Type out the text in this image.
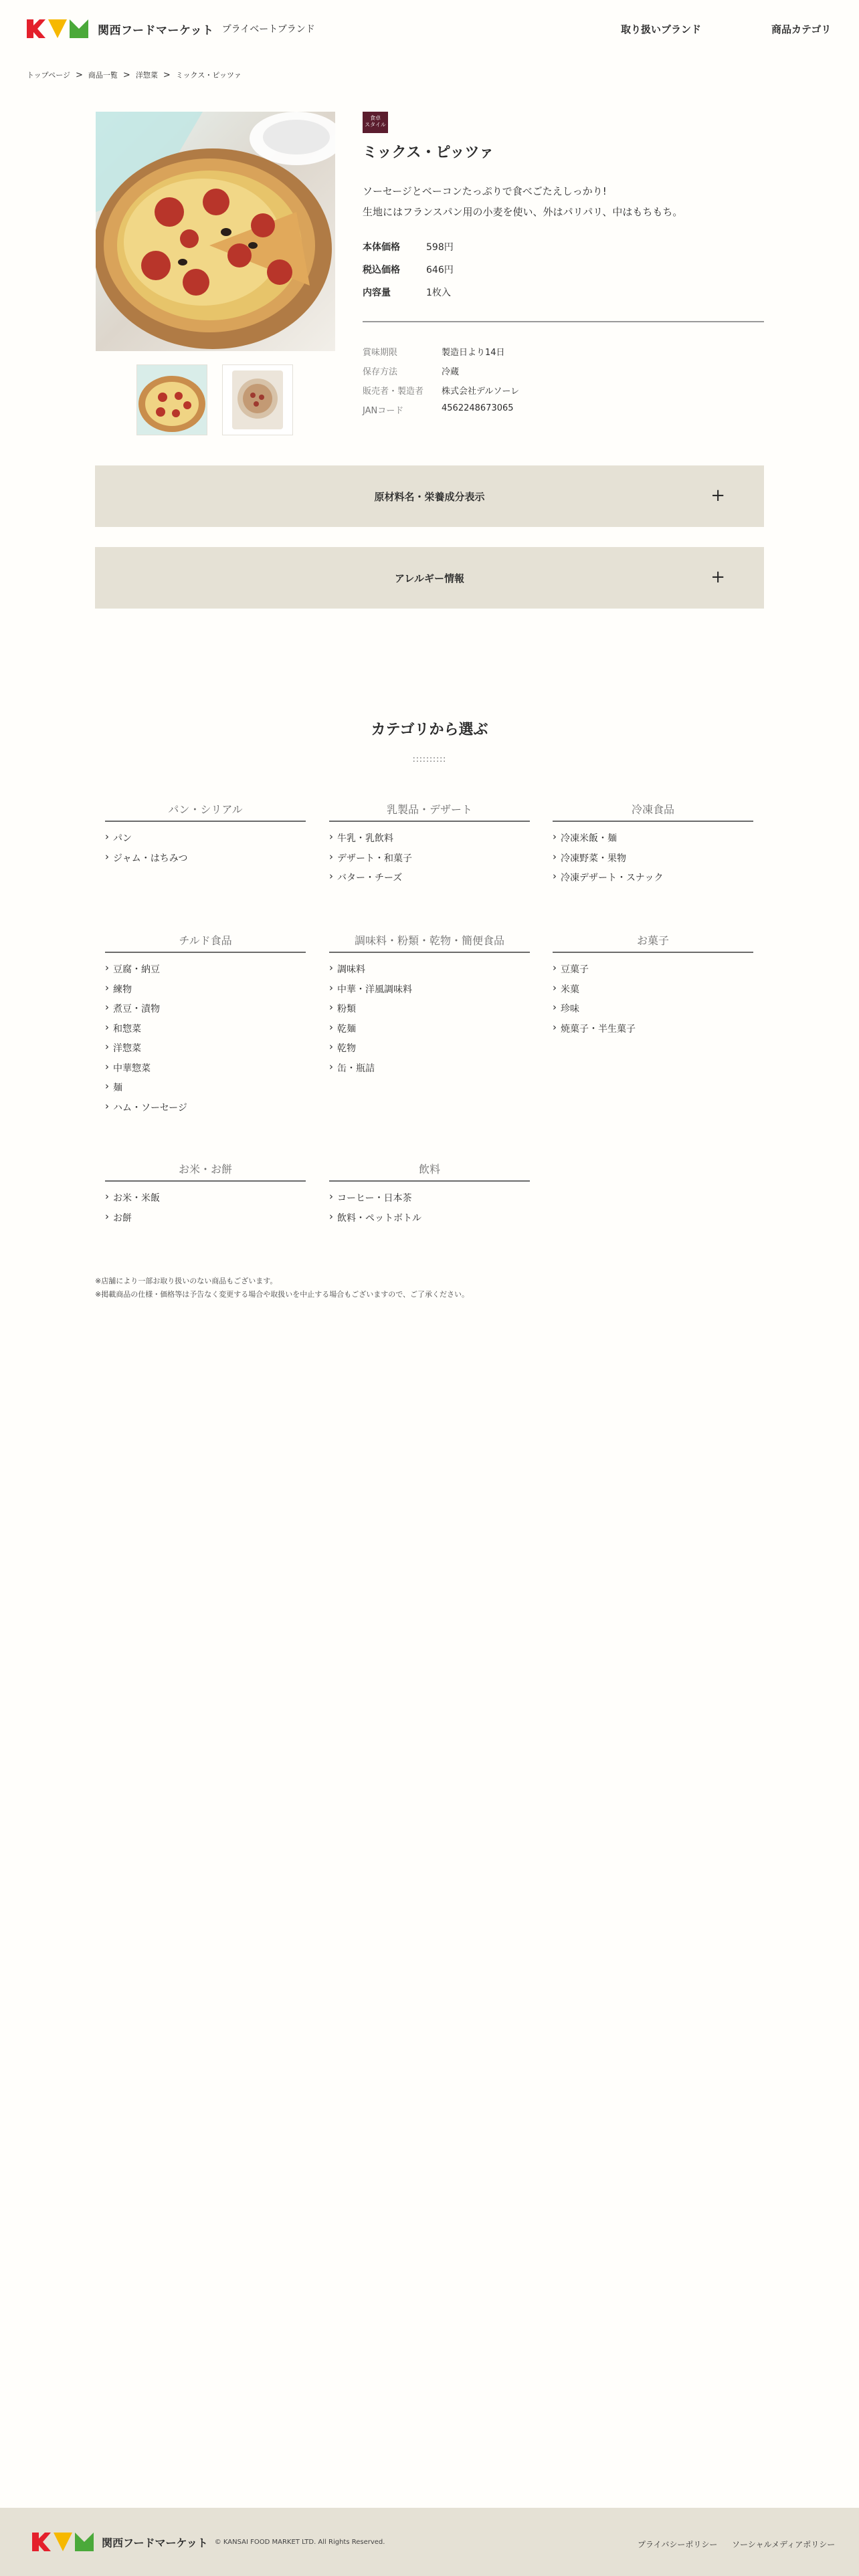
関西フードマーケット プライベートブランド	取り扱いブランド	商品カテゴリ
トップページ > 商品一覧 > 洋惣菜 > ミックス・ピッツァ
食卓
スタイル
ミックス・ピッツァ
ソーセージとベーコンたっぷりで食べごたえしっかり!
生地にはフランスパン用の小麦を使い、外はパリパリ、中はもちもち。
本体価格	598円
税込価格	646円
内容量	1枚入
賞味期限	製造日より14日
保存方法	冷蔵
販売者・製造者	株式会社デルソーレ
JANコード	4562248673065
原材料名・栄養成分表示	+
アレルギー情報	+
カテゴリから選ぶ
::::::::::
パン・シリアル
› パン
› ジャム・はちみつ
乳製品・デザート
› 牛乳・乳飲料
› デザート・和菓子
› バター・チーズ
冷凍食品
› 冷凍米飯・麺
› 冷凍野菜・果物
› 冷凍デザート・スナック
チルド食品
› 豆腐・納豆
› 練物
› 煮豆・漬物
› 和惣菜
› 洋惣菜
› 中華惣菜
› 麺
› ハム・ソーセージ
調味料・粉類・乾物・簡便食品
› 調味料
› 中華・洋風調味料
› 粉類
› 乾麺
› 乾物
› 缶・瓶詰
お菓子
› 豆菓子
› 米菓
› 珍味
› 焼菓子・半生菓子
お米・お餅
› お米・米飯
› お餅
飲料
› コーヒー・日本茶
› 飲料・ペットボトル
※店舗により一部お取り扱いのない商品もございます。
※掲載商品の仕様・価格等は予告なく変更する場合や取扱いを中止する場合もございますので、ご了承ください。
関西フードマーケット © KANSAI FOOD MARKET LTD. All Rights Reserved.	プライバシーポリシー ソーシャルメディアポリシー
